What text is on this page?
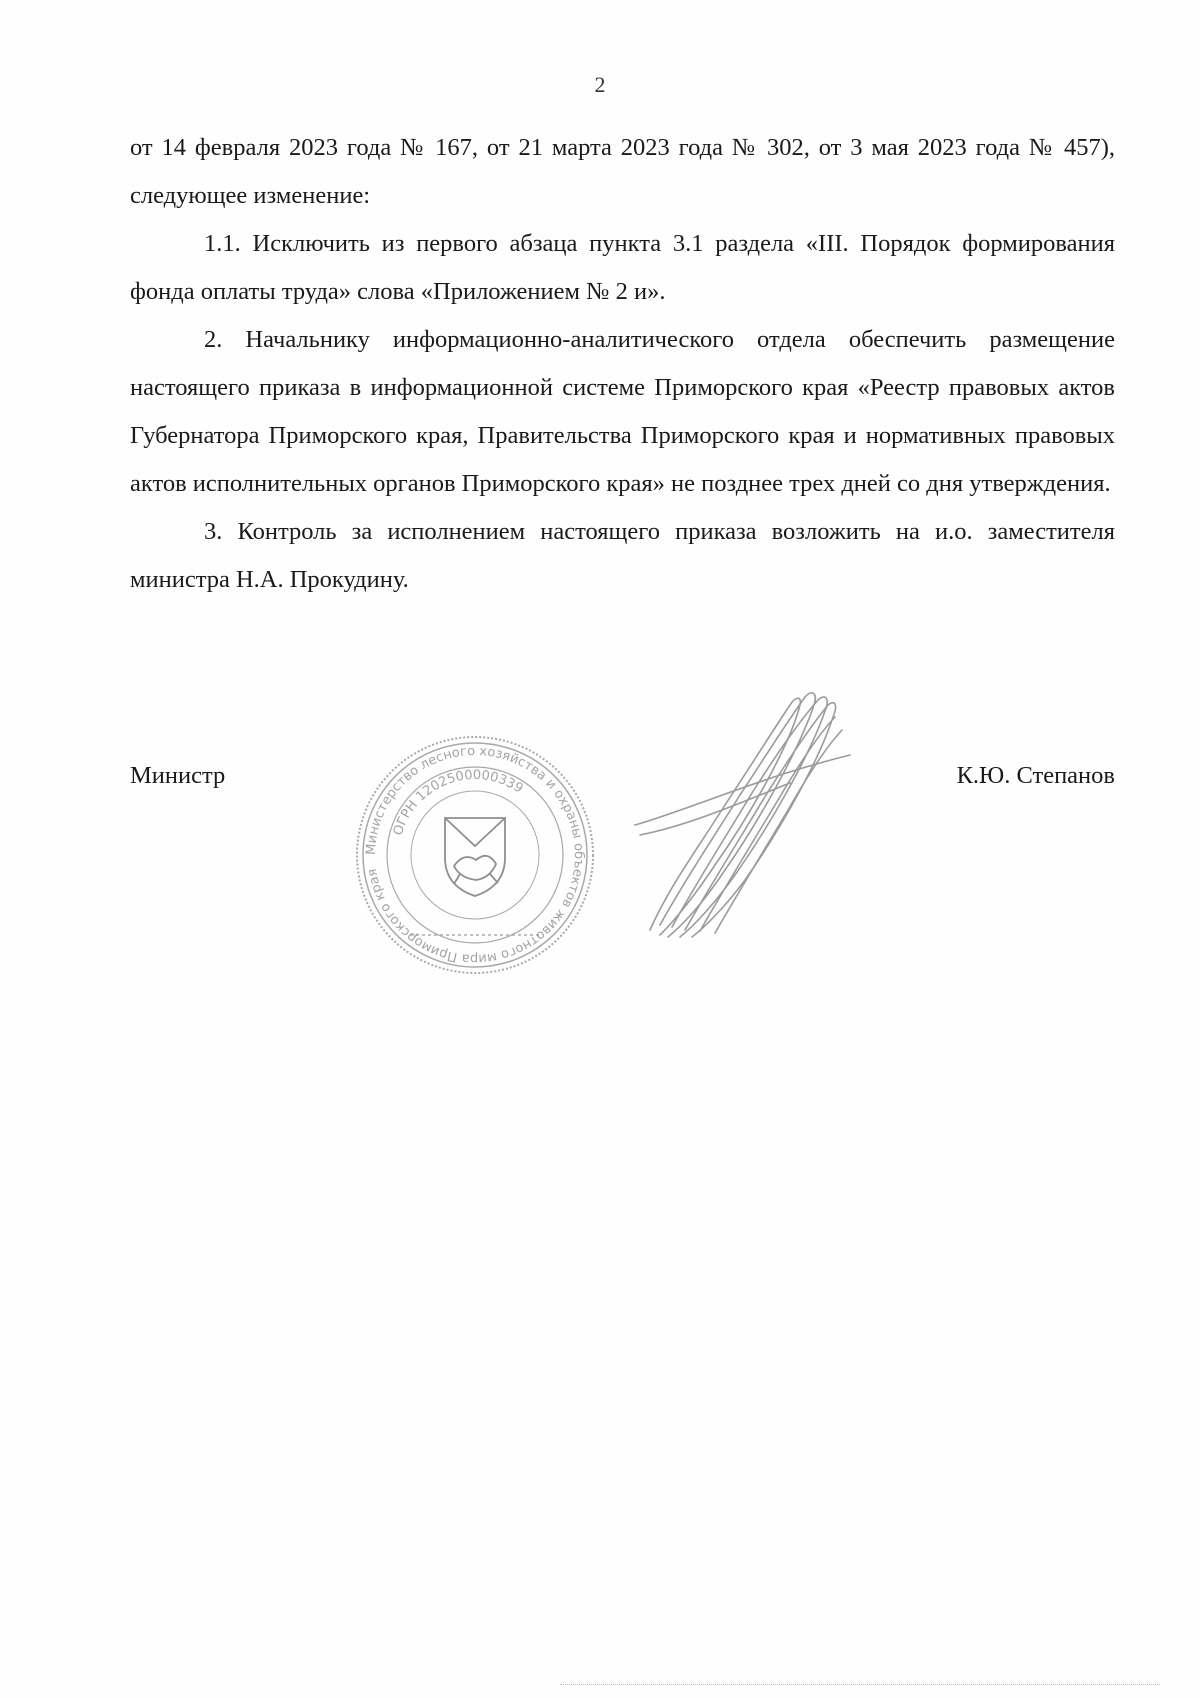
2

от 14 февраля 2023 года № 167, от 21 марта 2023 года № 302, от 3 мая 2023 года № 457), следующее изменение:

1.1. Исключить из первого абзаца пункта 3.1 раздела «III. Порядок формирования фонда оплаты труда» слова «Приложением № 2 и».

2. Начальнику информационно-аналитического отдела обеспечить размещение настоящего приказа в информационной системе Приморского края «Реестр правовых актов Губернатора Приморского края, Правительства Приморского края и нормативных правовых актов исполнительных органов Приморского края» не позднее трех дней со дня утверждения.

3. Контроль за исполнением настоящего приказа возложить на и.о. заместителя министра Н.А. Прокудину.

Министр	К.Ю. Степанов
Министерство лесного хозяйства и охраны объектов животного мира Приморского края
ОГРН 1202500000339
